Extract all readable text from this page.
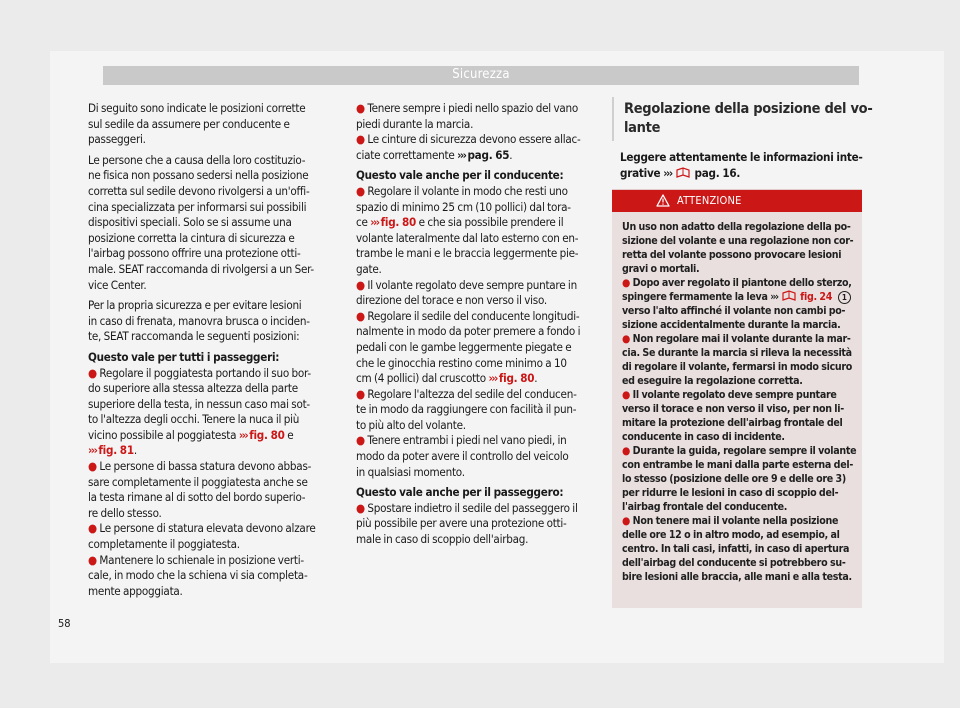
Sicurezza

Di seguito sono indicate le posizioni corrette

sul sedile da assumere per conducente e

passeggeri.

Le persone che a causa della loro costituzio-

ne fisica non possano sedersi nella posizione

corretta sul sedile devono rivolgersi a un'offi-

cina specializzata per informarsi sui possibili

dispositivi speciali. Solo se si assume una

posizione corretta la cintura di sicurezza e

l'airbag possono offrire una protezione otti-

male. SEAT raccomanda di rivolgersi a un Ser-

vice Center.

Per la propria sicurezza e per evitare lesioni

in caso di frenata, manovra brusca o inciden-

te, SEAT raccomanda le seguenti posizioni:

Questo vale per tutti i passeggeri:

● Regolare il poggiatesta portando il suo bor-

do superiore alla stessa altezza della parte

superiore della testa, in nessun caso mai sot-

to l'altezza degli occhi. Tenere la nuca il più

vicino possibile al poggiatesta ››› fig. 80 e

››› fig. 81.

● Le persone di bassa statura devono abbas-

sare completamente il poggiatesta anche se

la testa rimane al di sotto del bordo superio-

re dello stesso.

● Le persone di statura elevata devono alzare

completamente il poggiatesta.

● Mantenere lo schienale in posizione verti-

cale, in modo che la schiena vi sia completa-

mente appoggiata.

● Tenere sempre i piedi nello spazio del vano

piedi durante la marcia.

● Le cinture di sicurezza devono essere allac-

ciate correttamente ››› pag. 65.

Questo vale anche per il conducente:

● Regolare il volante in modo che resti uno

spazio di minimo 25 cm (10 pollici) dal tora-

ce ››› fig. 80 e che sia possibile prendere il

volante lateralmente dal lato esterno con en-

trambe le mani e le braccia leggermente pie-

gate.

● Il volante regolato deve sempre puntare in

direzione del torace e non verso il viso.

● Regolare il sedile del conducente longitudi-

nalmente in modo da poter premere a fondo i

pedali con le gambe leggermente piegate e

che le ginocchia restino come minimo a 10

cm (4 pollici) dal cruscotto ››› fig. 80.

● Regolare l'altezza del sedile del conducen-

te in modo da raggiungere con facilità il pun-

to più alto del volante.

● Tenere entrambi i piedi nel vano piedi, in

modo da poter avere il controllo del veicolo

in qualsiasi momento.

Questo vale anche per il passeggero:

● Spostare indietro il sedile del passeggero il

più possibile per avere una protezione otti-

male in caso di scoppio dell'airbag.

Regolazione della posizione del vo-
lante
Leggere attentamente le informazioni inte-
grative ››› pag. 16.
ATTENZIONE

Un uso non adatto della regolazione della po-

sizione del volante e una regolazione non cor-

retta del volante possono provocare lesioni

gravi o mortali.

● Dopo aver regolato il piantone dello sterzo,

spingere fermamente la leva ››› fig. 24 1

verso l'alto affinché il volante non cambi po-

sizione accidentalmente durante la marcia.

● Non regolare mai il volante durante la mar-

cia. Se durante la marcia si rileva la necessità

di regolare il volante, fermarsi in modo sicuro

ed eseguire la regolazione corretta.

● Il volante regolato deve sempre puntare

verso il torace e non verso il viso, per non li-

mitare la protezione dell'airbag frontale del

conducente in caso di incidente.

● Durante la guida, regolare sempre il volante

con entrambe le mani dalla parte esterna del-

lo stesso (posizione delle ore 9 e delle ore 3)

per ridurre le lesioni in caso di scoppio del-

l'airbag frontale del conducente.

● Non tenere mai il volante nella posizione

delle ore 12 o in altro modo, ad esempio, al

centro. In tali casi, infatti, in caso di apertura

dell'airbag del conducente si potrebbero su-

bire lesioni alle braccia, alle mani e alla testa.

58
